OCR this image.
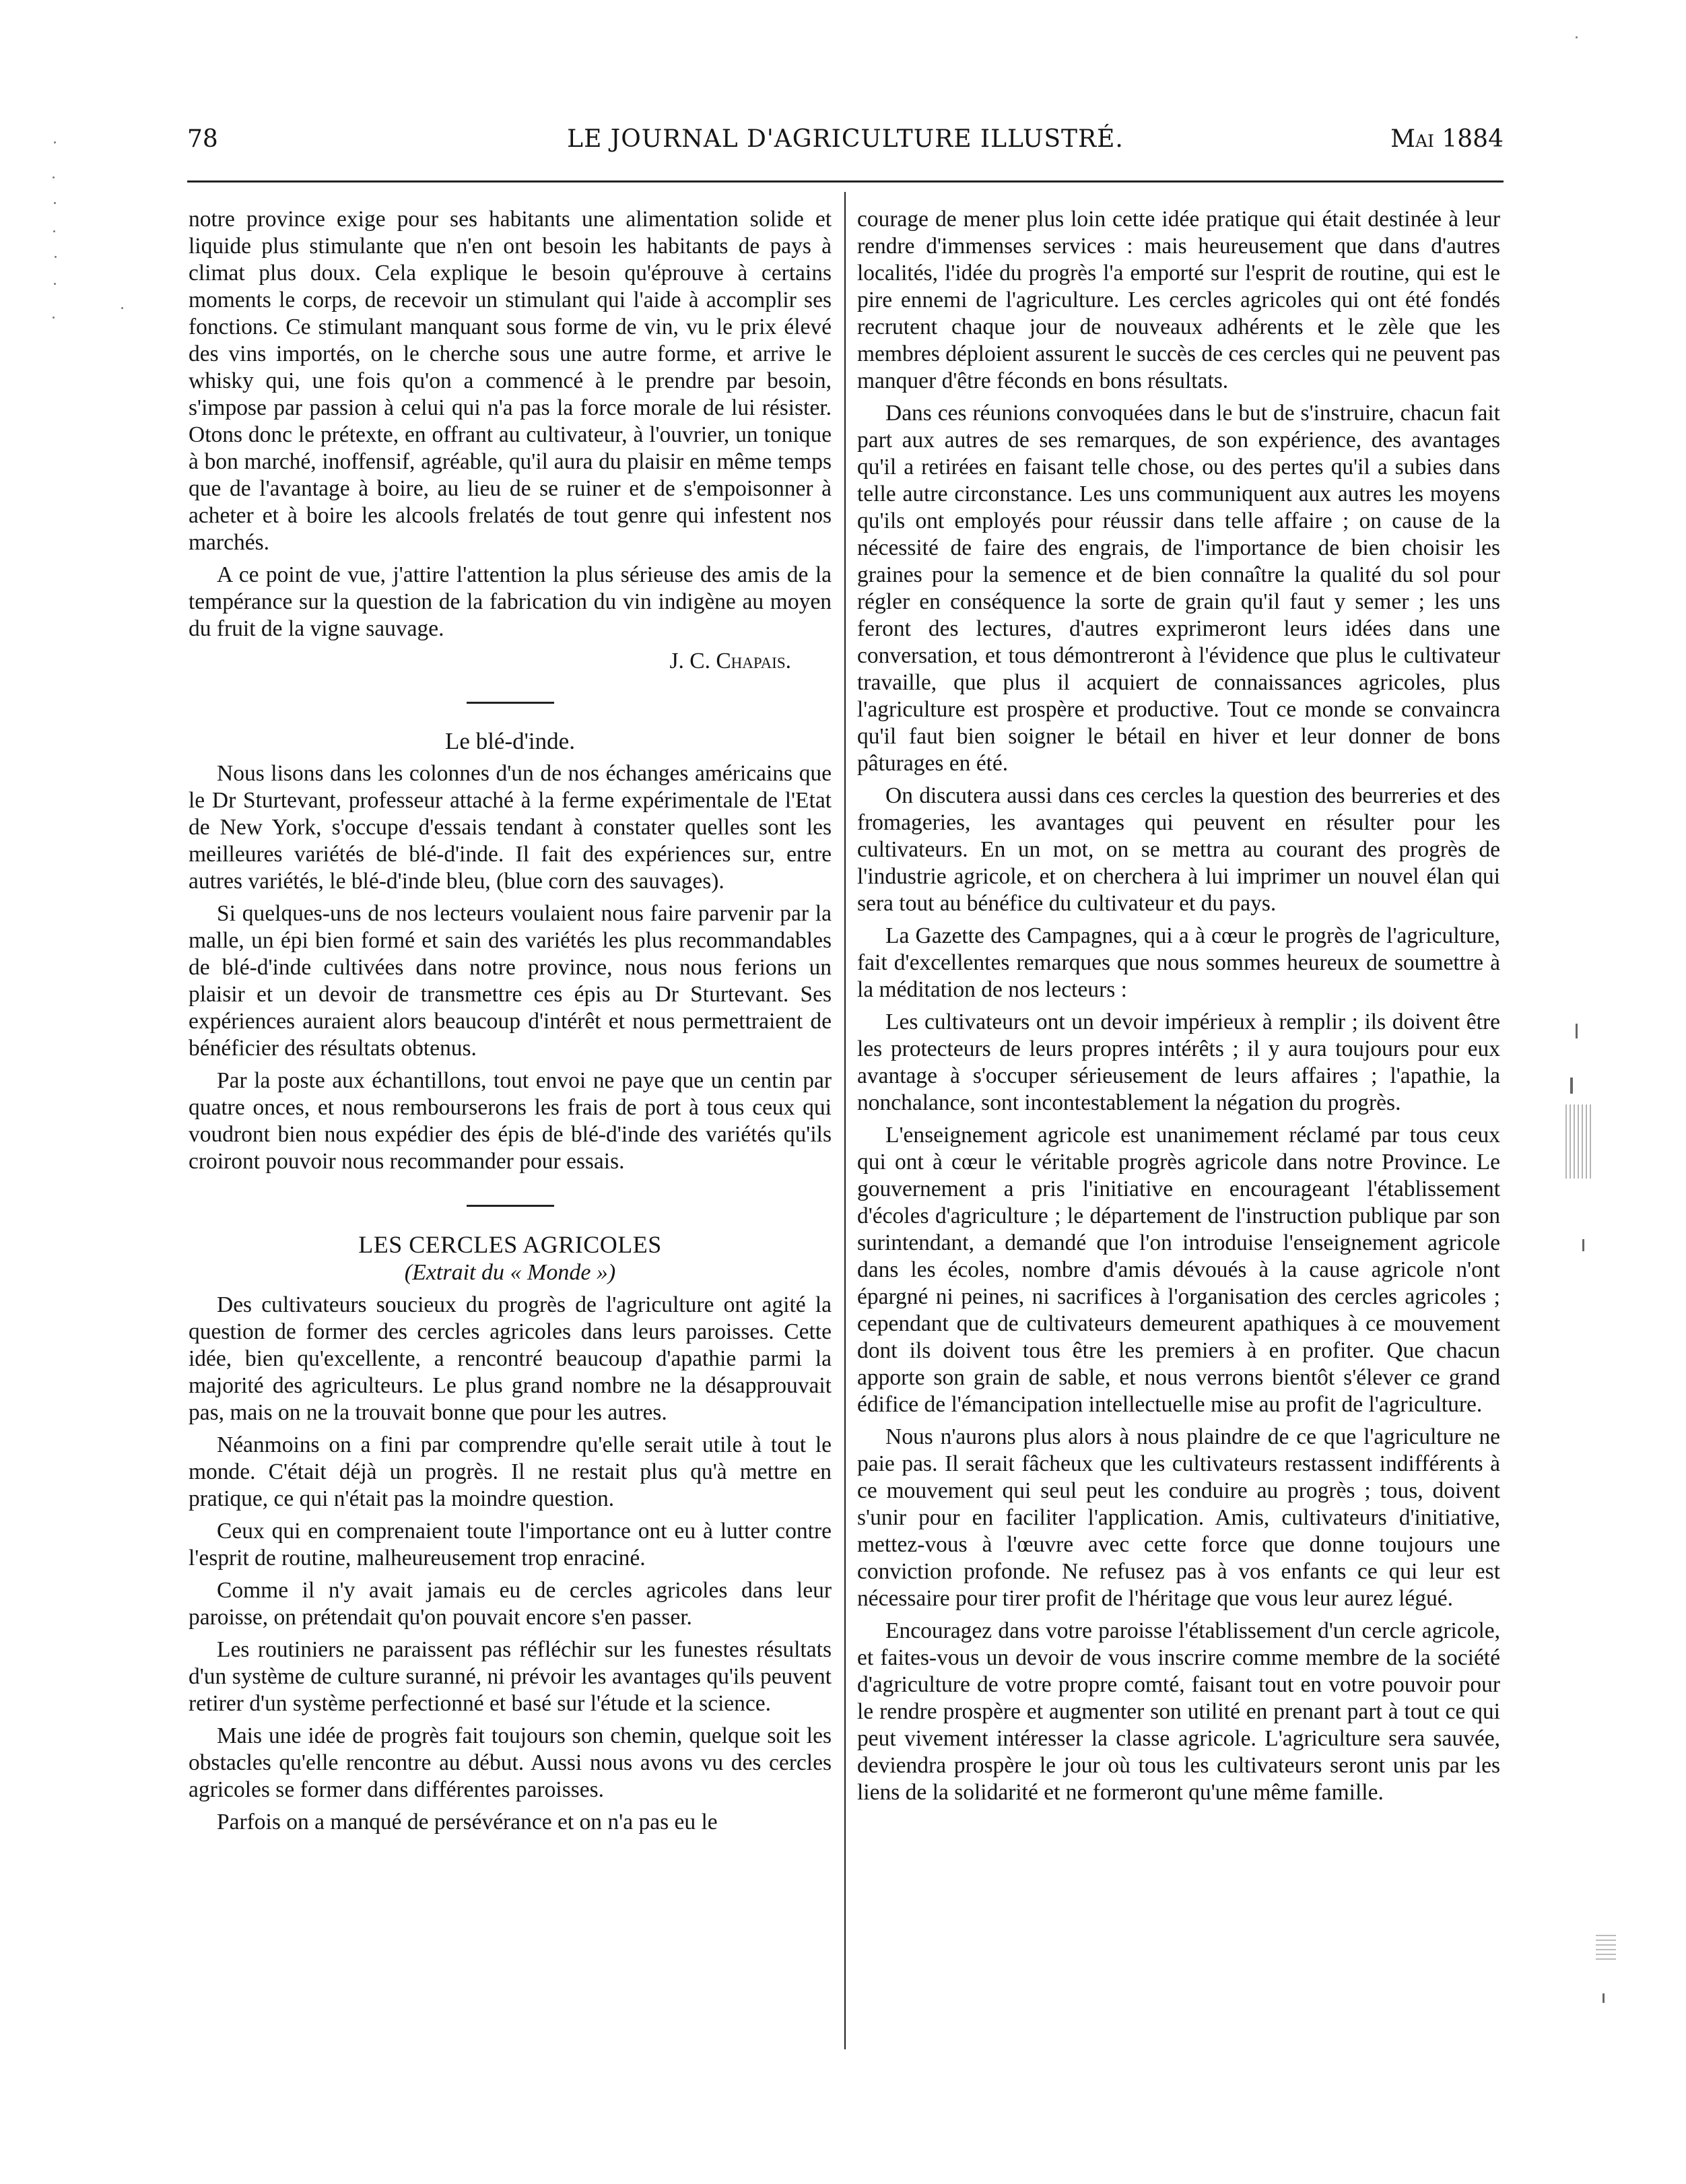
78	LE JOURNAL D'AGRICULTURE ILLUSTRÉ.	Mai 1884

notre province exige pour ses habitants une alimentation solide et liquide plus stimulante que n'en ont besoin les habitants de pays à climat plus doux. Cela explique le besoin qu'éprouve à certains moments le corps, de recevoir un stimulant qui l'aide à accomplir ses fonctions. Ce stimulant manquant sous forme de vin, vu le prix élevé des vins importés, on le cherche sous une autre forme, et arrive le whisky qui, une fois qu'on a commencé à le prendre par besoin, s'impose par passion à celui qui n'a pas la force morale de lui résister. Otons donc le prétexte, en offrant au cultivateur, à l'ouvrier, un tonique à bon marché, inoffensif, agréable, qu'il aura du plaisir en même temps que de l'avantage à boire, au lieu de se ruiner et de s'empoisonner à acheter et à boire les alcools frelatés de tout genre qui infestent nos marchés.

A ce point de vue, j'attire l'attention la plus sérieuse des amis de la tempérance sur la question de la fabrication du vin indigène au moyen du fruit de la vigne sauvage.

J. C. Chapais.
Le blé-d'inde.

Nous lisons dans les colonnes d'un de nos échanges américains que le Dr Sturtevant, professeur attaché à la ferme expérimentale de l'Etat de New York, s'occupe d'essais tendant à constater quelles sont les meilleures variétés de blé-d'inde. Il fait des expériences sur, entre autres variétés, le blé-d'inde bleu, (blue corn des sauvages).

Si quelques-uns de nos lecteurs voulaient nous faire parvenir par la malle, un épi bien formé et sain des variétés les plus recommandables de blé-d'inde cultivées dans notre province, nous nous ferions un plaisir et un devoir de transmettre ces épis au Dr Sturtevant. Ses expériences auraient alors beaucoup d'intérêt et nous permettraient de bénéficier des résultats obtenus.

Par la poste aux échantillons, tout envoi ne paye que un centin par quatre onces, et nous rembourserons les frais de port à tous ceux qui voudront bien nous expédier des épis de blé-d'inde des variétés qu'ils croiront pouvoir nous recommander pour essais.

LES CERCLES AGRICOLES
(Extrait du « Monde »)

Des cultivateurs soucieux du progrès de l'agriculture ont agité la question de former des cercles agricoles dans leurs paroisses. Cette idée, bien qu'excellente, a rencontré beaucoup d'apathie parmi la majorité des agriculteurs. Le plus grand nombre ne la désapprouvait pas, mais on ne la trouvait bonne que pour les autres.

Néanmoins on a fini par comprendre qu'elle serait utile à tout le monde. C'était déjà un progrès. Il ne restait plus qu'à mettre en pratique, ce qui n'était pas la moindre question.

Ceux qui en comprenaient toute l'importance ont eu à lutter contre l'esprit de routine, malheureusement trop enraciné.

Comme il n'y avait jamais eu de cercles agricoles dans leur paroisse, on prétendait qu'on pouvait encore s'en passer.

Les routiniers ne paraissent pas réfléchir sur les funestes résultats d'un système de culture suranné, ni prévoir les avantages qu'ils peuvent retirer d'un système perfectionné et basé sur l'étude et la science.

Mais une idée de progrès fait toujours son chemin, quelque soit les obstacles qu'elle rencontre au début. Aussi nous avons vu des cercles agricoles se former dans différentes paroisses.

Parfois on a manqué de persévérance et on n'a pas eu le

courage de mener plus loin cette idée pratique qui était destinée à leur rendre d'immenses services : mais heureusement que dans d'autres localités, l'idée du progrès l'a emporté sur l'esprit de routine, qui est le pire ennemi de l'agriculture. Les cercles agricoles qui ont été fondés recrutent chaque jour de nouveaux adhérents et le zèle que les membres déploient assurent le succès de ces cercles qui ne peuvent pas manquer d'être féconds en bons résultats.

Dans ces réunions convoquées dans le but de s'instruire, chacun fait part aux autres de ses remarques, de son expérience, des avantages qu'il a retirées en faisant telle chose, ou des pertes qu'il a subies dans telle autre circonstance. Les uns communiquent aux autres les moyens qu'ils ont employés pour réussir dans telle affaire ; on cause de la nécessité de faire des engrais, de l'importance de bien choisir les graines pour la semence et de bien connaître la qualité du sol pour régler en conséquence la sorte de grain qu'il faut y semer ; les uns feront des lectures, d'autres exprimeront leurs idées dans une conversation, et tous démontreront à l'évidence que plus le cultivateur travaille, que plus il acquiert de connaissances agricoles, plus l'agriculture est prospère et productive. Tout ce monde se convaincra qu'il faut bien soigner le bétail en hiver et leur donner de bons pâturages en été.

On discutera aussi dans ces cercles la question des beurreries et des fromageries, les avantages qui peuvent en résulter pour les cultivateurs. En un mot, on se mettra au courant des progrès de l'industrie agricole, et on cherchera à lui imprimer un nouvel élan qui sera tout au bénéfice du cultivateur et du pays.

La Gazette des Campagnes, qui a à cœur le progrès de l'agriculture, fait d'excellentes remarques que nous sommes heureux de soumettre à la méditation de nos lecteurs :

Les cultivateurs ont un devoir impérieux à remplir ; ils doivent être les protecteurs de leurs propres intérêts ; il y aura toujours pour eux avantage à s'occuper sérieusement de leurs affaires ; l'apathie, la nonchalance, sont incontestablement la négation du progrès.

L'enseignement agricole est unanimement réclamé par tous ceux qui ont à cœur le véritable progrès agricole dans notre Province. Le gouvernement a pris l'initiative en encourageant l'établissement d'écoles d'agriculture ; le département de l'instruction publique par son surintendant, a demandé que l'on introduise l'enseignement agricole dans les écoles, nombre d'amis dévoués à la cause agricole n'ont épargné ni peines, ni sacrifices à l'organisation des cercles agricoles ; cependant que de cultivateurs demeurent apathiques à ce mouvement dont ils doivent tous être les premiers à en profiter. Que chacun apporte son grain de sable, et nous verrons bientôt s'élever ce grand édifice de l'émancipation intellectuelle mise au profit de l'agriculture.

Nous n'aurons plus alors à nous plaindre de ce que l'agriculture ne paie pas. Il serait fâcheux que les cultivateurs restassent indifférents à ce mouvement qui seul peut les conduire au progrès ; tous, doivent s'unir pour en faciliter l'application. Amis, cultivateurs d'initiative, mettez-vous à l'œuvre avec cette force que donne toujours une conviction profonde. Ne refusez pas à vos enfants ce qui leur est nécessaire pour tirer profit de l'héritage que vous leur aurez légué.

Encouragez dans votre paroisse l'établissement d'un cercle agricole, et faites-vous un devoir de vous inscrire comme membre de la société d'agriculture de votre propre comté, faisant tout en votre pouvoir pour le rendre prospère et augmenter son utilité en prenant part à tout ce qui peut vivement intéresser la classe agricole. L'agriculture sera sauvée, deviendra prospère le jour où tous les cultivateurs seront unis par les liens de la solidarité et ne formeront qu'une même famille.
